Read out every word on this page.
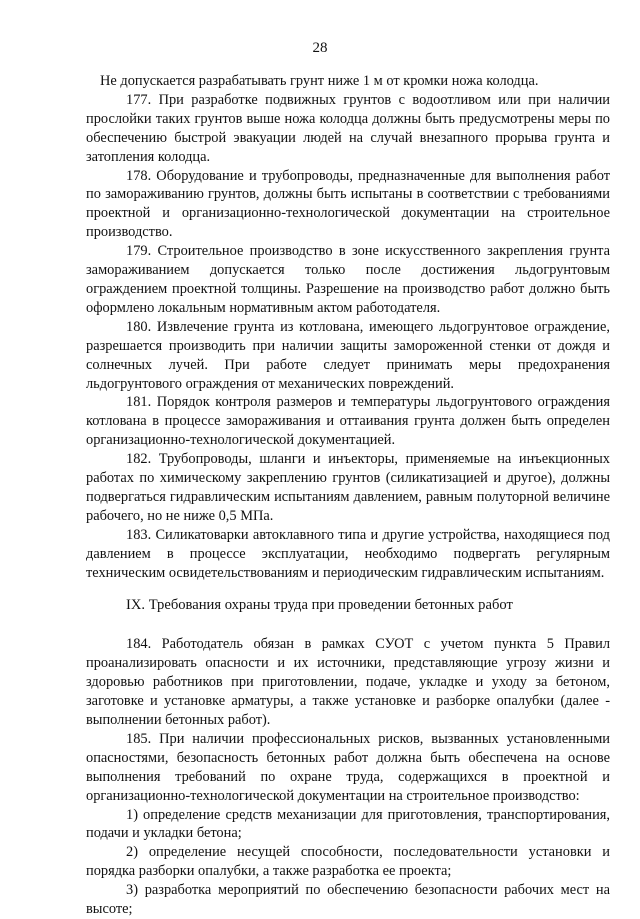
28

Не допускается разрабатывать грунт ниже 1 м от кромки ножа колодца.

177. При разработке подвижных грунтов с водоотливом или при наличии прослойки таких грунтов выше ножа колодца должны быть предусмотрены меры по обеспечению быстрой эвакуации людей на случай внезапного прорыва грунта и затопления колодца.

178. Оборудование и трубопроводы, предназначенные для выполнения работ по замораживанию грунтов, должны быть испытаны в соответствии с требованиями проектной и организационно-технологической документации на строительное производство.

179. Строительное производство в зоне искусственного закрепления грунта замораживанием допускается только после достижения льдогрунтовым ограждением проектной толщины. Разрешение на производство работ должно быть оформлено локальным нормативным актом работодателя.

180. Извлечение грунта из котлована, имеющего льдогрунтовое ограждение, разрешается производить при наличии защиты замороженной стенки от дождя и солнечных лучей. При работе следует принимать меры предохранения льдогрунтового ограждения от механических повреждений.

181. Порядок контроля размеров и температуры льдогрунтового ограждения котлована в процессе замораживания и оттаивания грунта должен быть определен организационно-технологической документацией.

182. Трубопроводы, шланги и инъекторы, применяемые на инъекционных работах по химическому закреплению грунтов (силикатизацией и другое), должны подвергаться гидравлическим испытаниям давлением, равным полуторной величине рабочего, но не ниже 0,5 МПа.

183. Силикатоварки автоклавного типа и другие устройства, находящиеся под давлением в процессе эксплуатации, необходимо подвергать регулярным техническим освидетельствованиям и периодическим гидравлическим испытаниям.

IX. Требования охраны труда при проведении бетонных работ

184. Работодатель обязан в рамках СУОТ с учетом пункта 5 Правил проанализировать опасности и их источники, представляющие угрозу жизни и здоровью работников при приготовлении, подаче, укладке и уходу за бетоном, заготовке и установке арматуры, а также установке и разборке опалубки (далее - выполнении бетонных работ).

185. При наличии профессиональных рисков, вызванных установленными опасностями, безопасность бетонных работ должна быть обеспечена на основе выполнения требований по охране труда, содержащихся в проектной и организационно-технологической документации на строительное производство:

1) определение средств механизации для приготовления, транспортирования, подачи и укладки бетона;

2) определение несущей способности, последовательности установки и порядка разборки опалубки, а также разработка ее проекта;

3) разработка мероприятий по обеспечению безопасности рабочих мест на высоте;
